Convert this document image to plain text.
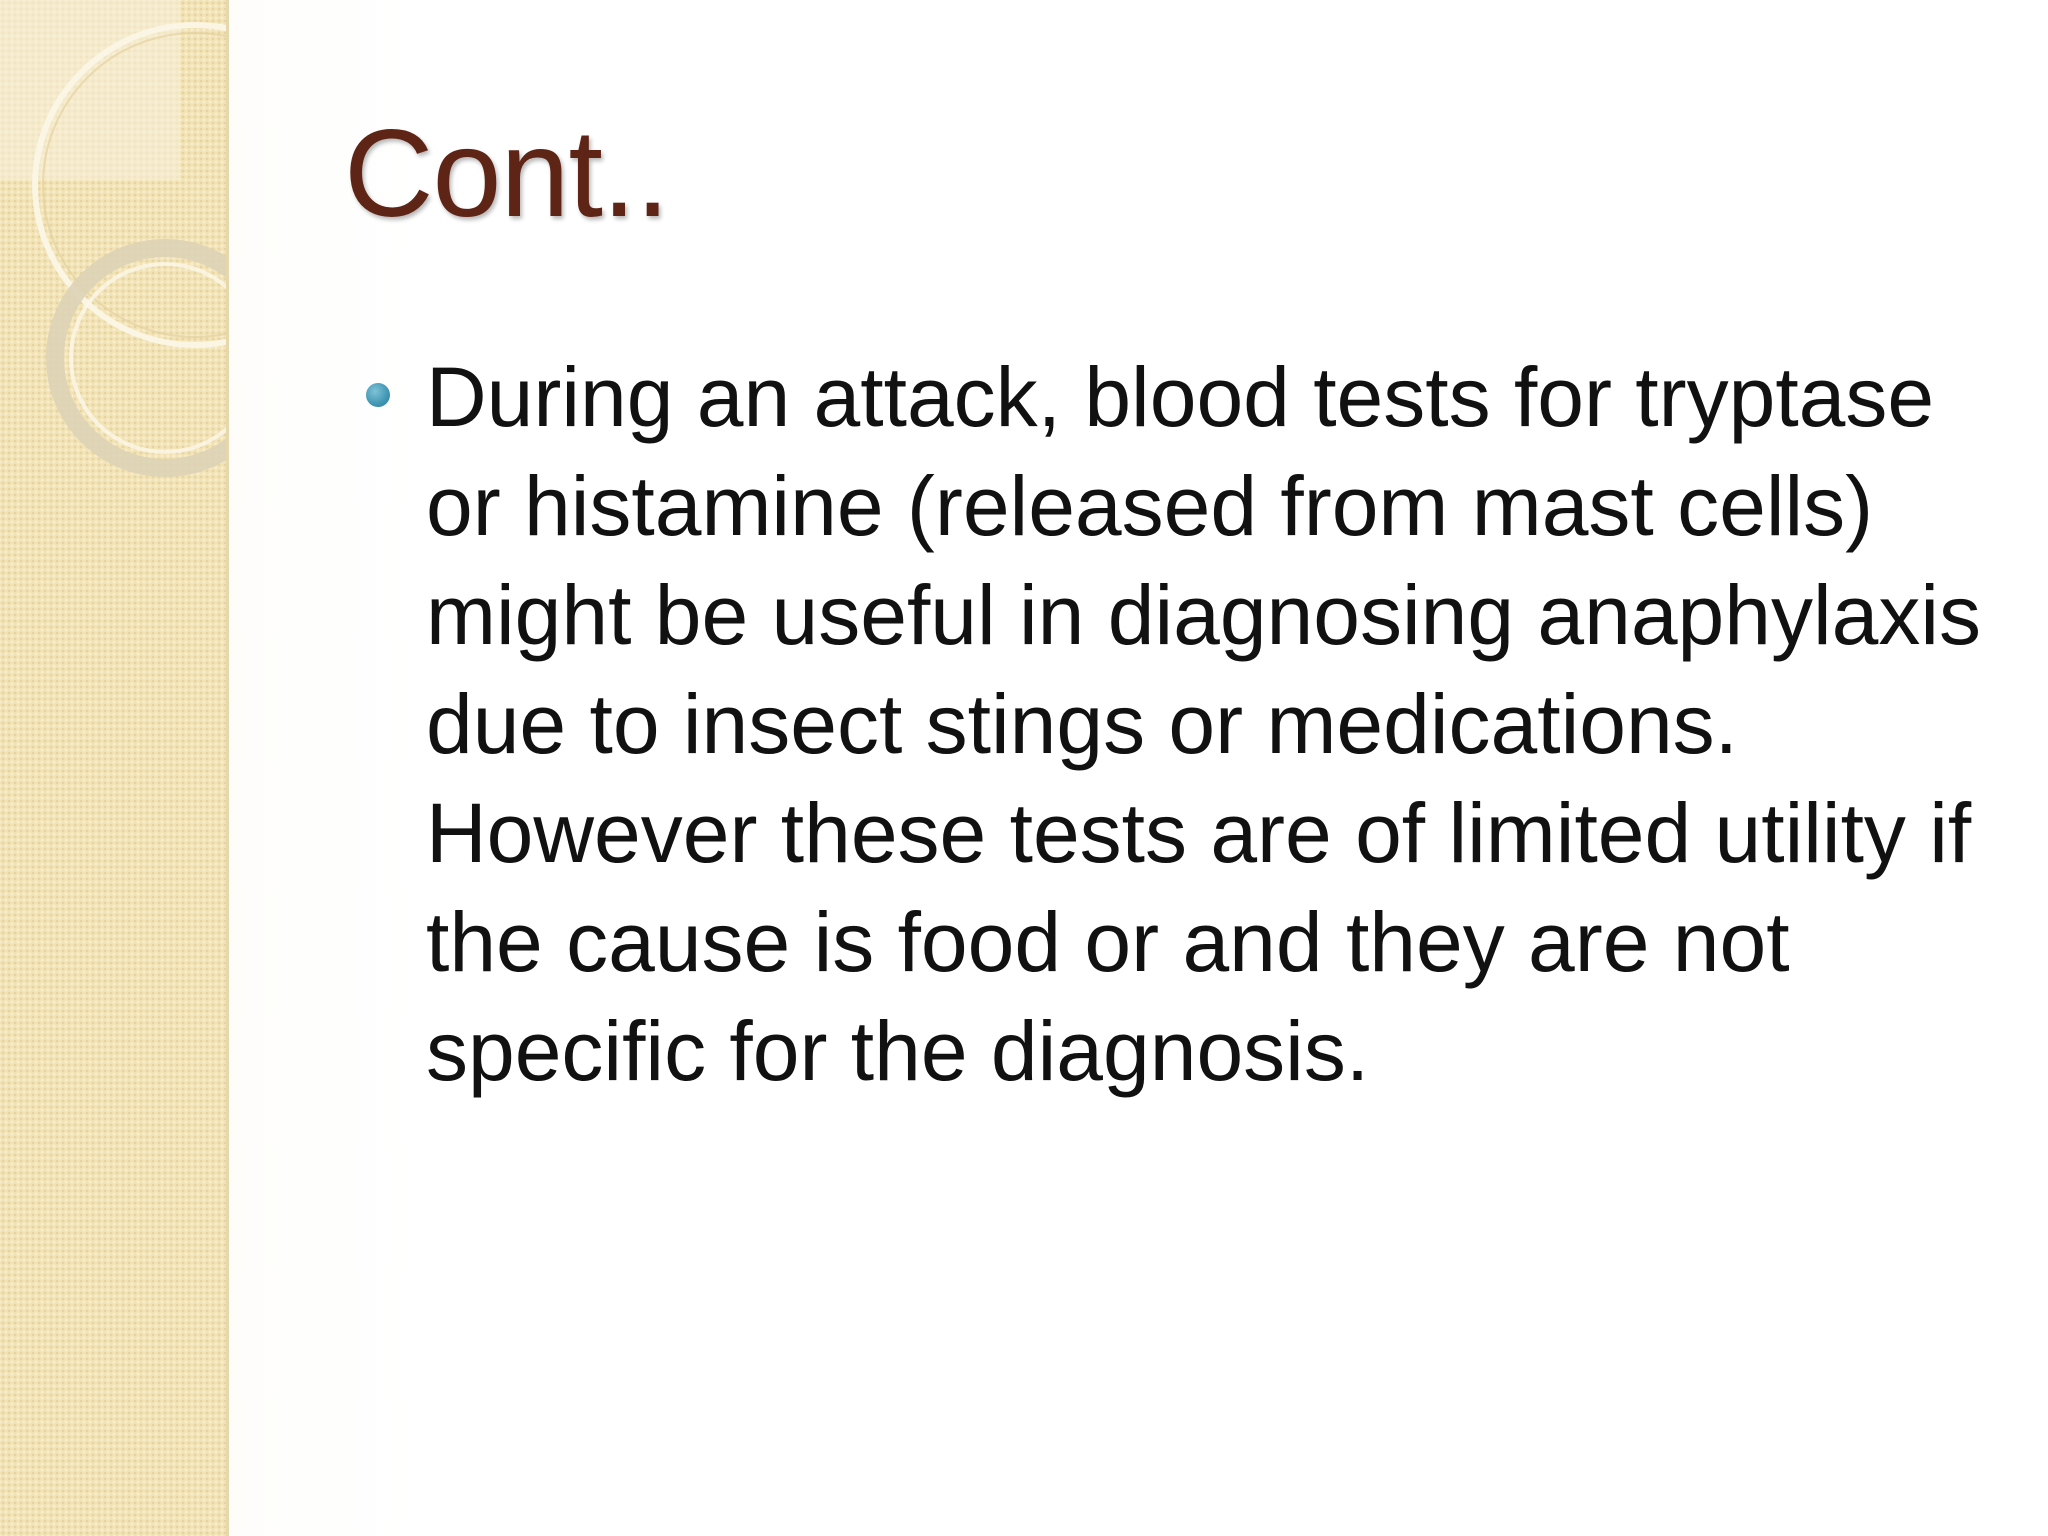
Cont..
During an attack, blood tests for tryptase or histamine (released from mast cells) might be useful in diagnosing anaphylaxis due to insect stings or medications. However these tests are of limited utility if the cause is food or and they are not specific for the diagnosis.
